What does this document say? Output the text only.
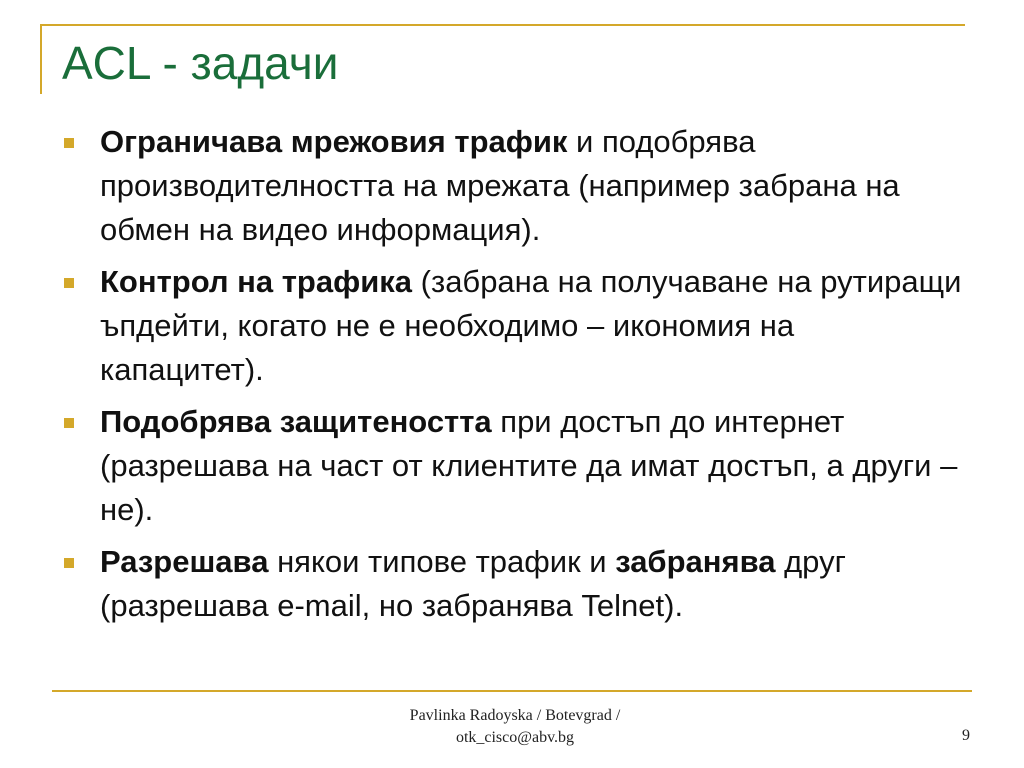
ACL - задачи
Ограничава мрежовия трафик и подобрява производителността на мрежата (например забрана на обмен на видео информация).
Контрол на трафика (забрана на получаване на рутиращи ъпдейти, когато не е необходимо – икономия на капацитет).
Подобрява защитеността при достъп до интернет (разрешава на част от клиентите да имат достъп, а други –не).
Разрешава някои типове трафик и забранява друг (разрешава e-mail, но забранява Telnet).
Pavlinka Radoyska / Botevgrad /
otk_cisco@abv.bg	9
